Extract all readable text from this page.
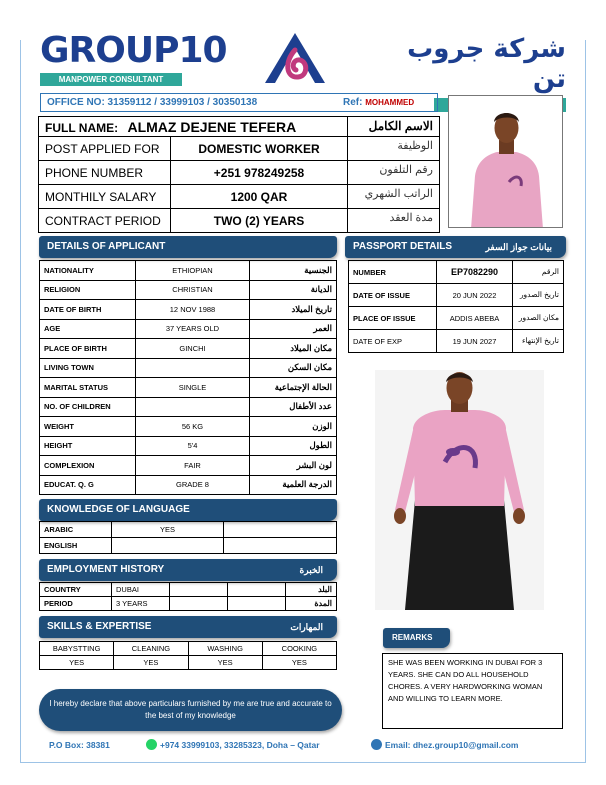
GROUP10
MANPOWER CONSULTANT
شركة جروب تن
OFFICE NO: 31359112 / 33999103 / 30350138	Ref: MOHAMMED
FULL NAME: ALMAZ DEJENE TEFERA		الاسم الكامل
POST APPLIED FOR	DOMESTIC WORKER	الوظيفة
PHONE NUMBER	+251 978249258	رقم التلفون
MONTHILY SALARY	1200 QAR	الراتب الشهري
CONTRACT PERIOD	TWO (2) YEARS	مدة العقد
DETAILS OF APPLICANT
NATIONALITY	ETHIOPIAN	الجنسية
RELIGION	CHRISTIAN	الديانة
DATE OF BIRTH	12 NOV 1988	تاريخ الميلاد
AGE	37 YEARS OLD	العمر
PLACE OF BIRTH	GINCHI	مكان الميلاد
LIVING TOWN		مكان السكن
MARITAL STATUS	SINGLE	الحالة الإجتماعية
NO. OF CHILDREN		عدد الأطفال
WEIGHT	56 KG	الوزن
HEIGHT	5'4	الطول
COMPLEXION	FAIR	لون البشر
EDUCAT. Q. G	GRADE 8	الدرجة العلمية
PASSPORT DETAILS	بيانات جواز السفر
NUMBER	EP7082290	الرقم
DATE OF ISSUE	20 JUN 2022	تاريخ الصدور
PLACE OF ISSUE	ADDIS ABEBA	مكان الصدور
DATE OF EXP	19 JUN 2027	تاريخ الإنتهاء
KNOWLEDGE OF LANGUAGE
ARABIC	YES	
ENGLISH		
EMPLOYMENT HISTORY	الخبرة
COUNTRY	DUBAI			البلد
PERIOD	3 YEARS			المدة
SKILLS & EXPERTISE	المهارات
BABYSTTING	CLEANING	WASHING	COOKING
YES	YES	YES	YES
REMARKS
SHE WAS BEEN WORKING IN DUBAI FOR 3 YEARS. SHE CAN DO ALL HOUSEHOLD CHORES. A VERY HARDWORKING WOMAN AND WILLING TO LEARN MORE.
I hereby declare that above particulars furnished by me are true and accurate to the best of my knowledge
P.O Box: 38381	+974 33999103, 33285323, Doha – Qatar	Email: dhez.group10@gmail.com
